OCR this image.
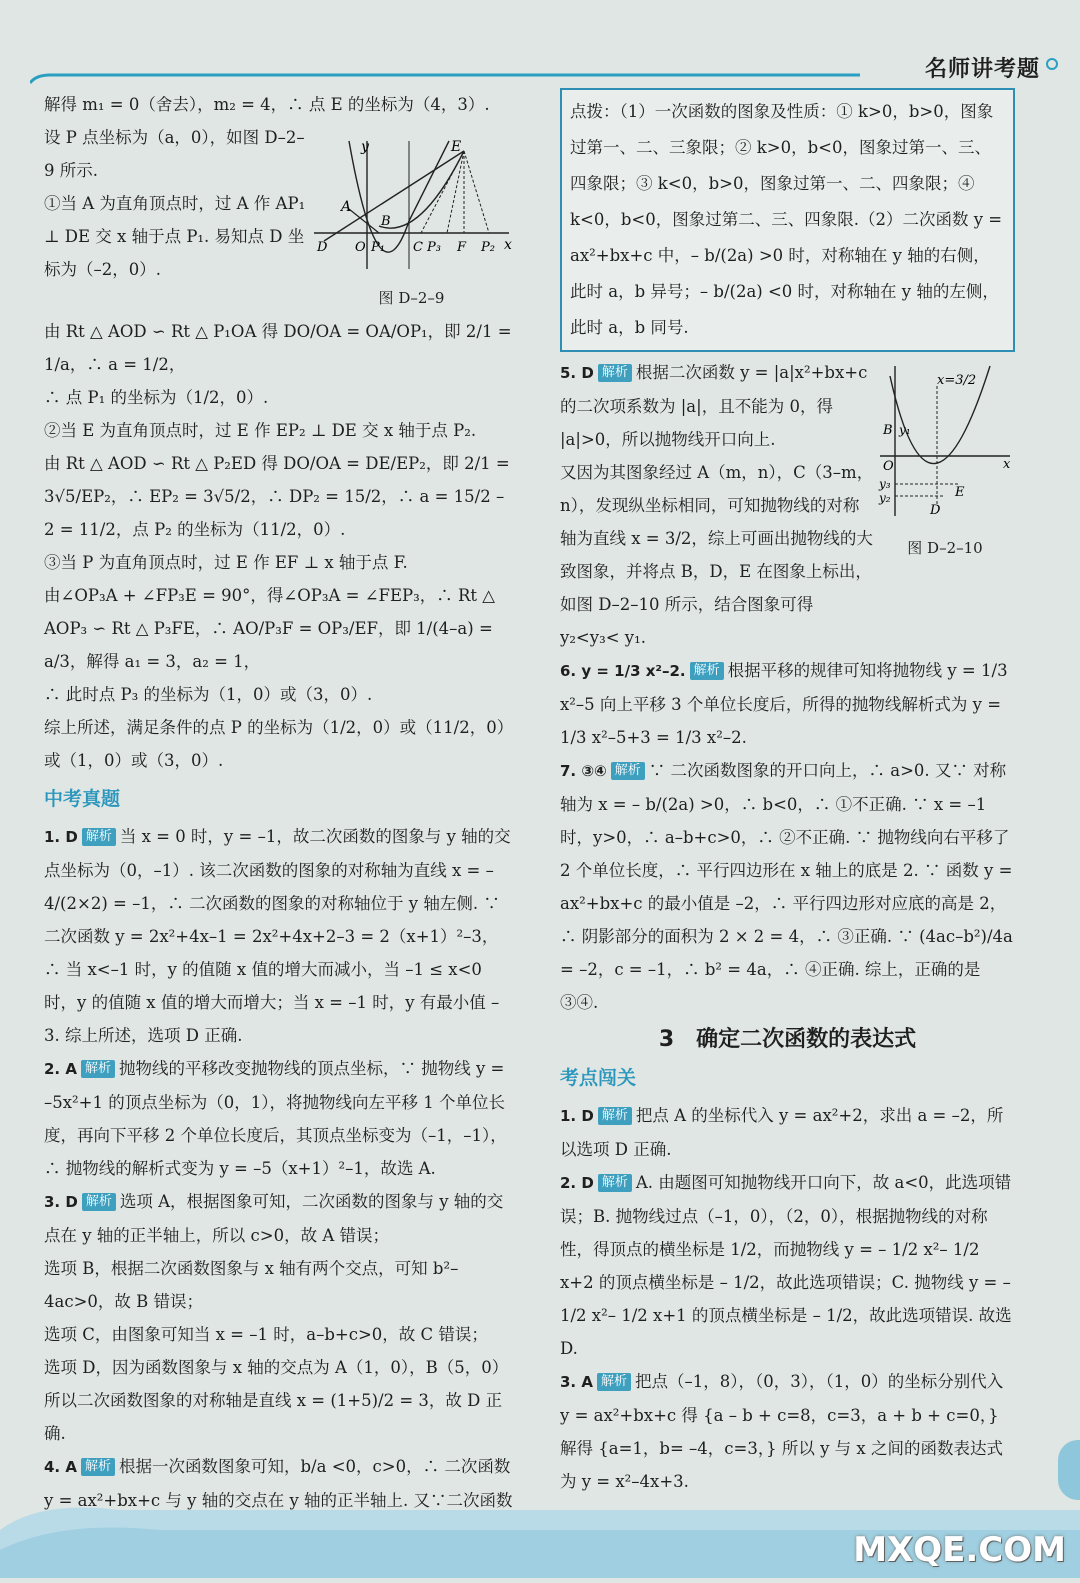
名师讲考题

解得 m₁ = 0（舍去），m₂ = 4，∴ 点 E 的坐标为（4，3）.

设 P 点坐标为（a，0），如图 D–2–9 所示.

①当 A 为直角顶点时，过 A 作 AP₁ ⊥ DE 交 x 轴于点 P₁. 易知点 D 坐标为（–2，0）.

y
x
E
A
B
D O P₁ C P₃ F P₂
图 D–2–9

由 Rt △ AOD ∽ Rt △ P₁OA 得 DO/OA = OA/OP₁，即 2/1 = 1/a，∴ a = 1/2，

∴ 点 P₁ 的坐标为（1/2，0）.

②当 E 为直角顶点时，过 E 作 EP₂ ⊥ DE 交 x 轴于点 P₂.

由 Rt △ AOD ∽ Rt △ P₂ED 得 DO/OA = DE/EP₂，即 2/1 = 3√5/EP₂，∴ EP₂ = 3√5/2，∴ DP₂ = 15/2，∴ a = 15/2 – 2 = 11/2，点 P₂ 的坐标为（11/2，0）.

③当 P 为直角顶点时，过 E 作 EF ⊥ x 轴于点 F.

由∠OP₃A + ∠FP₃E = 90°，得∠OP₃A = ∠FEP₃，∴ Rt △ AOP₃ ∽ Rt △ P₃FE，∴ AO/P₃F = OP₃/EF，即 1/(4–a) = a/3，解得 a₁ = 3，a₂ = 1，

∴ 此时点 P₃ 的坐标为（1，0）或（3，0）.

综上所述，满足条件的点 P 的坐标为（1/2，0）或（11/2，0）或（1，0）或（3，0）.

中考真题

1. D 解析 当 x = 0 时，y = –1，故二次函数的图象与 y 轴的交点坐标为（0，–1）. 该二次函数的图象的对称轴为直线 x = – 4/(2×2) = –1，∴ 二次函数的图象的对称轴位于 y 轴左侧. ∵ 二次函数 y = 2x²+4x–1 = 2x²+4x+2–3 = 2（x+1）²–3，∴ 当 x<–1 时，y 的值随 x 值的增大而减小，当 –1 ≤ x<0 时，y 的值随 x 值的增大而增大；当 x = –1 时，y 有最小值 –3. 综上所述，选项 D 正确.

2. A 解析 抛物线的平移改变抛物线的顶点坐标，∵ 抛物线 y = –5x²+1 的顶点坐标为（0，1），将抛物线向左平移 1 个单位长度，再向下平移 2 个单位长度后，其顶点坐标变为（–1，–1），∴ 抛物线的解析式变为 y = –5（x+1）²–1，故选 A.

3. D 解析 选项 A，根据图象可知，二次函数的图象与 y 轴的交点在 y 轴的正半轴上，所以 c>0，故 A 错误；

选项 B，根据二次函数图象与 x 轴有两个交点，可知 b²–4ac>0，故 B 错误；

选项 C，由图象可知当 x = –1 时，a–b+c>0，故 C 错误；

选项 D，因为函数图象与 x 轴的交点为 A（1，0），B（5，0）所以二次函数图象的对称轴是直线 x = (1+5)/2 = 3，故 D 正确.

4. A 解析 根据一次函数图象可知，b/a <0，c>0，∴ 二次函数 y = ax²+bx+c 与 y 轴的交点在 y 轴的正半轴上. 又∵二次函数

点拨：（1）一次函数的图象及性质：① k>0，b>0，图象过第一、二、三象限；② k>0，b<0，图象过第一、三、四象限；③ k<0，b>0，图象过第一、二、四象限；④ k<0，b<0，图象过第二、三、四象限.（2）二次函数 y = ax²+bx+c 中，– b/(2a) >0 时，对称轴在 y 轴的右侧，此时 a，b 异号；– b/(2a) <0 时，对称轴在 y 轴的左侧，此时 a，b 同号.

5. D 解析 根据二次函数 y = |a|x²+bx+c 的二次项系数为 |a|，且不能为 0，得 |a|>0，所以抛物线开口向上.

又因为其图象经过 A（m，n），C（3–m，n），发现纵坐标相同，可知抛物线的对称轴为直线 x = 3/2，综上可画出抛物线的大致图象，并将点 B，D，E 在图象上标出，如图 D–2–10 所示，结合图象可得 y₂<y₃< y₁.

x=3/2
B y₁
O	x
y₃
y₂
D
E
图 D–2–10

6. y = 1/3 x²–2. 解析 根据平移的规律可知将抛物线 y = 1/3 x²–5 向上平移 3 个单位长度后，所得的抛物线解析式为 y = 1/3 x²–5+3 = 1/3 x²–2.

7. ③④ 解析 ∵ 二次函数图象的开口向上，∴ a>0. 又∵ 对称轴为 x = – b/(2a) >0，∴ b<0，∴ ①不正确. ∵ x = –1 时，y>0，∴ a–b+c>0，∴ ②不正确. ∵ 抛物线向右平移了 2 个单位长度，∴ 平行四边形在 x 轴上的底是 2. ∵ 函数 y = ax²+bx+c 的最小值是 –2，∴ 平行四边形对应底的高是 2，∴ 阴影部分的面积为 2 × 2 = 4，∴ ③正确. ∵ (4ac–b²)/4a = –2，c = –1，∴ b² = 4a，∴ ④正确. 综上，正确的是③④.

3　确定二次函数的表达式
考点闯关

1. D 解析 把点 A 的坐标代入 y = ax²+2，求出 a = –2，所以选项 D 正确.

2. D 解析 A. 由题图可知抛物线开口向下，故 a<0，此选项错误；B. 抛物线过点（–1，0），（2，0），根据抛物线的对称性，得顶点的横坐标是 1/2，而抛物线 y = – 1/2 x²– 1/2 x+2 的顶点横坐标是 – 1/2，故此选项错误；C. 抛物线 y = – 1/2 x²– 1/2 x+1 的顶点横坐标是 – 1/2，故此选项错误. 故选 D.

3. A 解析 把点（–1，8），（0，3），（1，0）的坐标分别代入 y = ax²+bx+c 得 {a – b + c=8，c=3，a + b + c=0，} 解得 {a=1，b= –4，c=3，} 所以 y 与 x 之间的函数表达式为 y = x²–4x+3.

MXQE.COM
